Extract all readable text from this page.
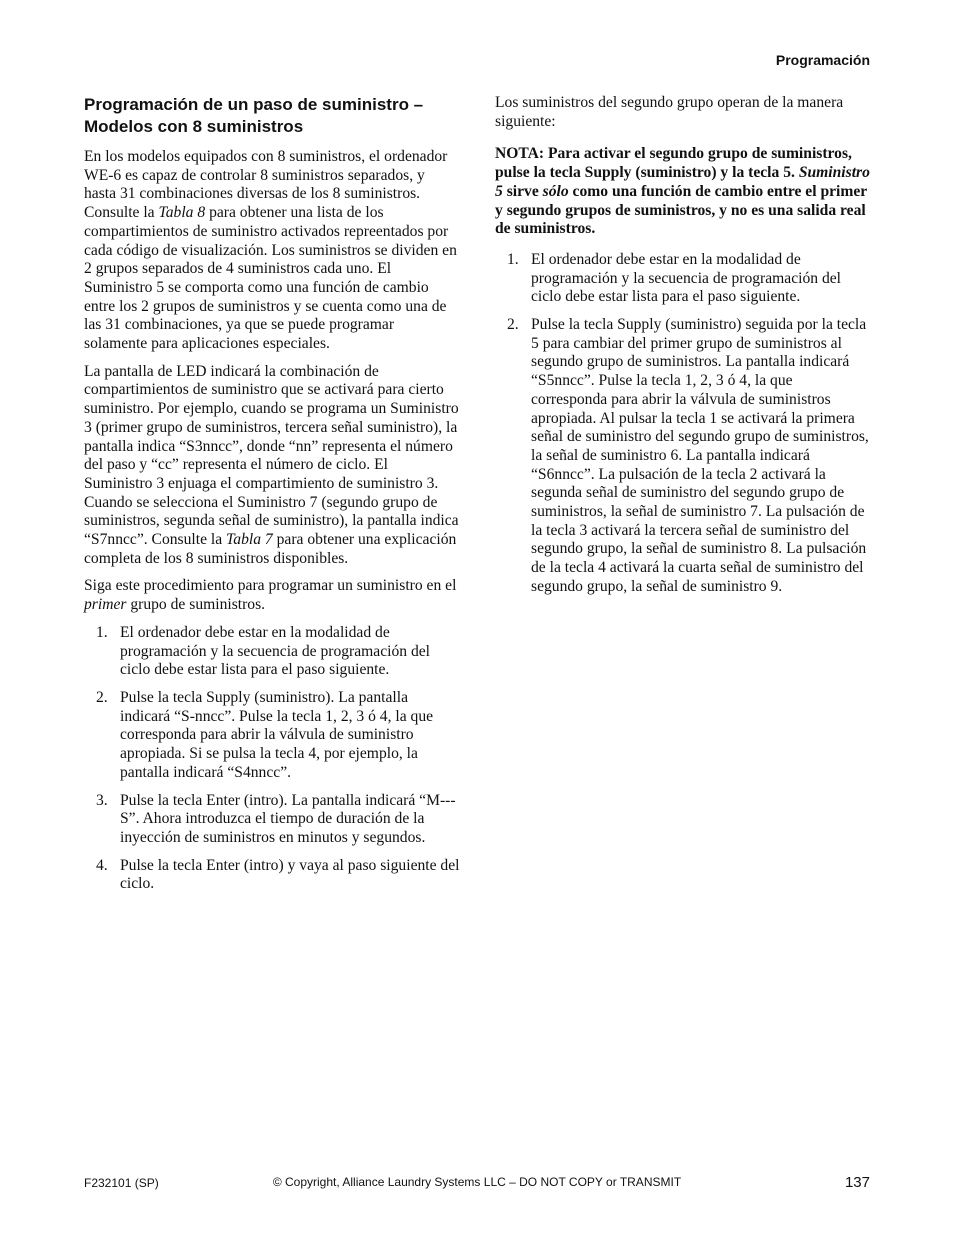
Programación
Programación de un paso de suministro –
Modelos con 8 suministros

En los modelos equipados con 8 suministros, el ordenador WE-6 es capaz de controlar 8 suministros separados, y hasta 31 combinaciones diversas de los 8 suministros. Consulte la Tabla 8 para obtener una lista de los compartimientos de suministro activados repreentados por cada código de visualización. Los suministros se dividen en 2 grupos separados de 4 suministros cada uno. El Suministro 5 se comporta como una función de cambio entre los 2 grupos de suministros y se cuenta como una de las 31 combinaciones, ya que se puede programar solamente para aplicaciones especiales.

La pantalla de LED indicará la combinación de compartimientos de suministro que se activará para cierto suministro. Por ejemplo, cuando se programa un Suministro 3 (primer grupo de suministros, tercera señal suministro), la pantalla indica “S3nncc”, donde “nn” representa el número del paso y “cc” representa el número de ciclo. El Suministro 3 enjuaga el compartimiento de suministro 3. Cuando se selecciona el Suministro 7 (segundo grupo de suministros, segunda señal de suministro), la pantalla indica “S7nncc”. Consulte la Tabla 7 para obtener una explicación completa de los 8 suministros disponibles.

Siga este procedimiento para programar un suministro en el primer grupo de suministros.

1. El ordenador debe estar en la modalidad de programación y la secuencia de programación del ciclo debe estar lista para el paso siguiente.
2. Pulse la tecla Supply (suministro). La pantalla indicará “S-nncc”. Pulse la tecla 1, 2, 3 ó 4, la que corresponda para abrir la válvula de suministro apropiada. Si se pulsa la tecla 4, por ejemplo, la pantalla indicará “S4nncc”.
3. Pulse la tecla Enter (intro). La pantalla indicará “M---S”. Ahora introduzca el tiempo de duración de la inyección de suministros en minutos y segundos.
4. Pulse la tecla Enter (intro) y vaya al paso siguiente del ciclo.

Los suministros del segundo grupo operan de la manera siguiente:

NOTA: Para activar el segundo grupo de suministros, pulse la tecla Supply (suministro) y la tecla 5. Suministro 5 sirve sólo como una función de cambio entre el primer y segundo grupos de suministros, y no es una salida real de suministros.

1. El ordenador debe estar en la modalidad de programación y la secuencia de programación del ciclo debe estar lista para el paso siguiente.
2. Pulse la tecla Supply (suministro) seguida por la tecla 5 para cambiar del primer grupo de suministros al segundo grupo de suministros. La pantalla indicará “S5nncc”. Pulse la tecla 1, 2, 3 ó 4, la que corresponda para abrir la válvula de suministros apropiada. Al pulsar la tecla 1 se activará la primera señal de suministro del segundo grupo de suministros, la señal de suministro 6. La pantalla indicará “S6nncc”. La pulsación de la tecla 2 activará la segunda señal de suministro del segundo grupo de suministros, la señal de suministro 7. La pulsación de la tecla 3 activará la tercera señal de suministro del segundo grupo, la señal de suministro 8. La pulsación de la tecla 4 activará la cuarta señal de suministro del segundo grupo, la señal de suministro 9.
F232101 (SP)	© Copyright, Alliance Laundry Systems LLC – DO NOT COPY or TRANSMIT	137
